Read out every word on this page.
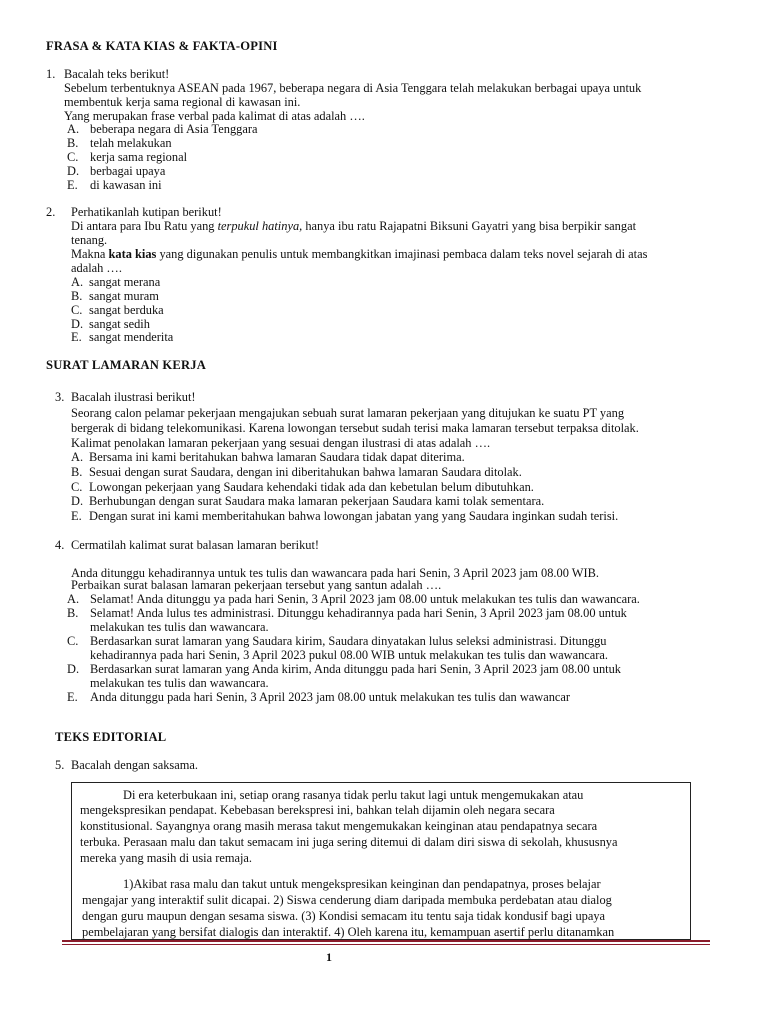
FRASA & KATA KIAS & FAKTA-OPINI
1. Bacalah teks berikut!
Sebelum terbentuknya ASEAN pada 1967, beberapa negara di Asia Tenggara telah melakukan berbagai upaya untuk
membentuk kerja sama regional di kawasan ini.
Yang merupakan frase verbal pada kalimat di atas adalah ….
A. beberapa negara di Asia Tenggara
B. telah melakukan
C. kerja sama regional
D. berbagai upaya
E. di kawasan ini
2. Perhatikanlah kutipan berikut!
Di antara para Ibu Ratu yang terpukul hatinya, hanya ibu ratu Rajapatni Biksuni Gayatri yang bisa berpikir sangat
tenang.
Makna kata kias yang digunakan penulis untuk membangkitkan imajinasi pembaca dalam teks novel sejarah di atas
adalah ….
A. sangat merana
B. sangat muram
C. sangat berduka
D. sangat sedih
E. sangat menderita
SURAT LAMARAN KERJA
3. Bacalah ilustrasi berikut!
Seorang calon pelamar pekerjaan mengajukan sebuah surat lamaran pekerjaan yang ditujukan ke suatu PT yang
bergerak di bidang telekomunikasi. Karena lowongan tersebut sudah terisi maka lamaran tersebut terpaksa ditolak.
Kalimat penolakan lamaran pekerjaan yang sesuai dengan ilustrasi di atas adalah ….
A. Bersama ini kami beritahukan bahwa lamaran Saudara tidak dapat diterima.
B. Sesuai dengan surat Saudara, dengan ini diberitahukan bahwa lamaran Saudara ditolak.
C. Lowongan pekerjaan yang Saudara kehendaki tidak ada dan kebetulan belum dibutuhkan.
D. Berhubungan dengan surat Saudara maka lamaran pekerjaan Saudara kami tolak sementara.
E. Dengan surat ini kami memberitahukan bahwa lowongan jabatan yang yang Saudara inginkan sudah terisi.
4. Cermatilah kalimat surat balasan lamaran berikut!
Anda ditunggu kehadirannya untuk tes tulis dan wawancara pada hari Senin, 3 April 2023 jam 08.00 WIB.
Perbaikan surat balasan lamaran pekerjaan tersebut yang santun adalah ….
A. Selamat! Anda ditunggu ya pada hari Senin, 3 April 2023 jam 08.00 untuk melakukan tes tulis dan wawancara.
B. Selamat! Anda lulus tes administrasi. Ditunggu kehadirannya pada hari Senin, 3 April 2023 jam 08.00 untuk
melakukan tes tulis dan wawancara.
C. Berdasarkan surat lamaran yang Saudara kirim, Saudara dinyatakan lulus seleksi administrasi. Ditunggu
kehadirannya pada hari Senin, 3 April 2023 pukul 08.00 WIB untuk melakukan tes tulis dan wawancara.
D. Berdasarkan surat lamaran yang Anda kirim, Anda ditunggu pada hari Senin, 3 April 2023 jam 08.00 untuk
melakukan tes tulis dan wawancara.
E. Anda ditunggu pada hari Senin, 3 April 2023 jam 08.00 untuk melakukan tes tulis dan wawancar
TEKS EDITORIAL
5. Bacalah dengan saksama.
Di era keterbukaan ini, setiap orang rasanya tidak perlu takut lagi untuk mengemukakan atau
mengekspresikan pendapat. Kebebasan berekspresi ini, bahkan telah dijamin oleh negara secara
konstitusional. Sayangnya orang masih merasa takut mengemukakan keinginan atau pendapatnya secara
terbuka. Perasaan malu dan takut semacam ini juga sering ditemui di dalam diri siswa di sekolah, khususnya
mereka yang masih di usia remaja.
1)Akibat rasa malu dan takut untuk mengekspresikan keinginan dan pendapatnya, proses belajar
mengajar yang interaktif sulit dicapai. 2) Siswa cenderung diam daripada membuka perdebatan atau dialog
dengan guru maupun dengan sesama siswa. (3) Kondisi semacam itu tentu saja tidak kondusif bagi upaya
pembelajaran yang bersifat dialogis dan interaktif. 4) Oleh karena itu, kemampuan asertif perlu ditanamkan
1
